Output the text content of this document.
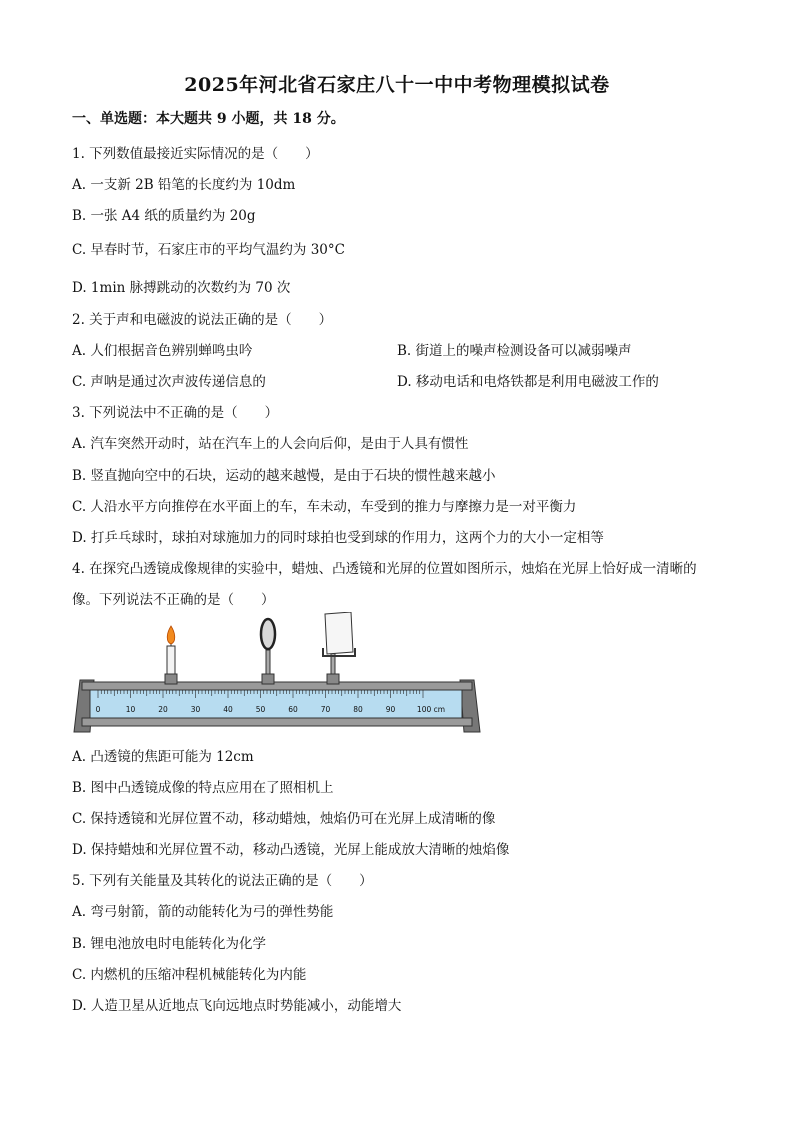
2025年河北省石家庄八十一中中考物理模拟试卷
一、单选题：本大题共 9 小题，共 18 分。
1. 下列数值最接近实际情况的是（　　）
A. 一支新 2B 铅笔的长度约为 10dm
B. 一张 A4 纸的质量约为 20g
C. 早春时节，石家庄市的平均气温约为 30°C
D. 1min 脉搏跳动的次数约为 70 次
2. 关于声和电磁波的说法正确的是（　　）
A. 人们根据音色辨别蝉鸣虫吟	B. 街道上的噪声检测设备可以减弱噪声
C. 声呐是通过次声波传递信息的	D. 移动电话和电烙铁都是利用电磁波工作的
3. 下列说法中不正确的是（　　）
A. 汽车突然开动时，站在汽车上的人会向后仰，是由于人具有惯性
B. 竖直抛向空中的石块，运动的越来越慢，是由于石块的惯性越来越小
C. 人沿水平方向推停在水平面上的车，车未动，车受到的推力与摩擦力是一对平衡力
D. 打乒乓球时，球拍对球施加力的同时球拍也受到球的作用力，这两个力的大小一定相等
4. 在探究凸透镜成像规律的实验中，蜡烛、凸透镜和光屏的位置如图所示，烛焰在光屏上恰好成一清晰的
像。下列说法不正确的是（　　）
0	10	20	30	40	50	60	70	80	90	100 cm
A. 凸透镜的焦距可能为 12cm
B. 图中凸透镜成像的特点应用在了照相机上
C. 保持透镜和光屏位置不动，移动蜡烛，烛焰仍可在光屏上成清晰的像
D. 保持蜡烛和光屏位置不动，移动凸透镜，光屏上能成放大清晰的烛焰像
5. 下列有关能量及其转化的说法正确的是（　　）
A. 弯弓射箭，箭的动能转化为弓的弹性势能
B. 锂电池放电时电能转化为化学
C. 内燃机的压缩冲程机械能转化为内能
D. 人造卫星从近地点飞向远地点时势能减小，动能增大
